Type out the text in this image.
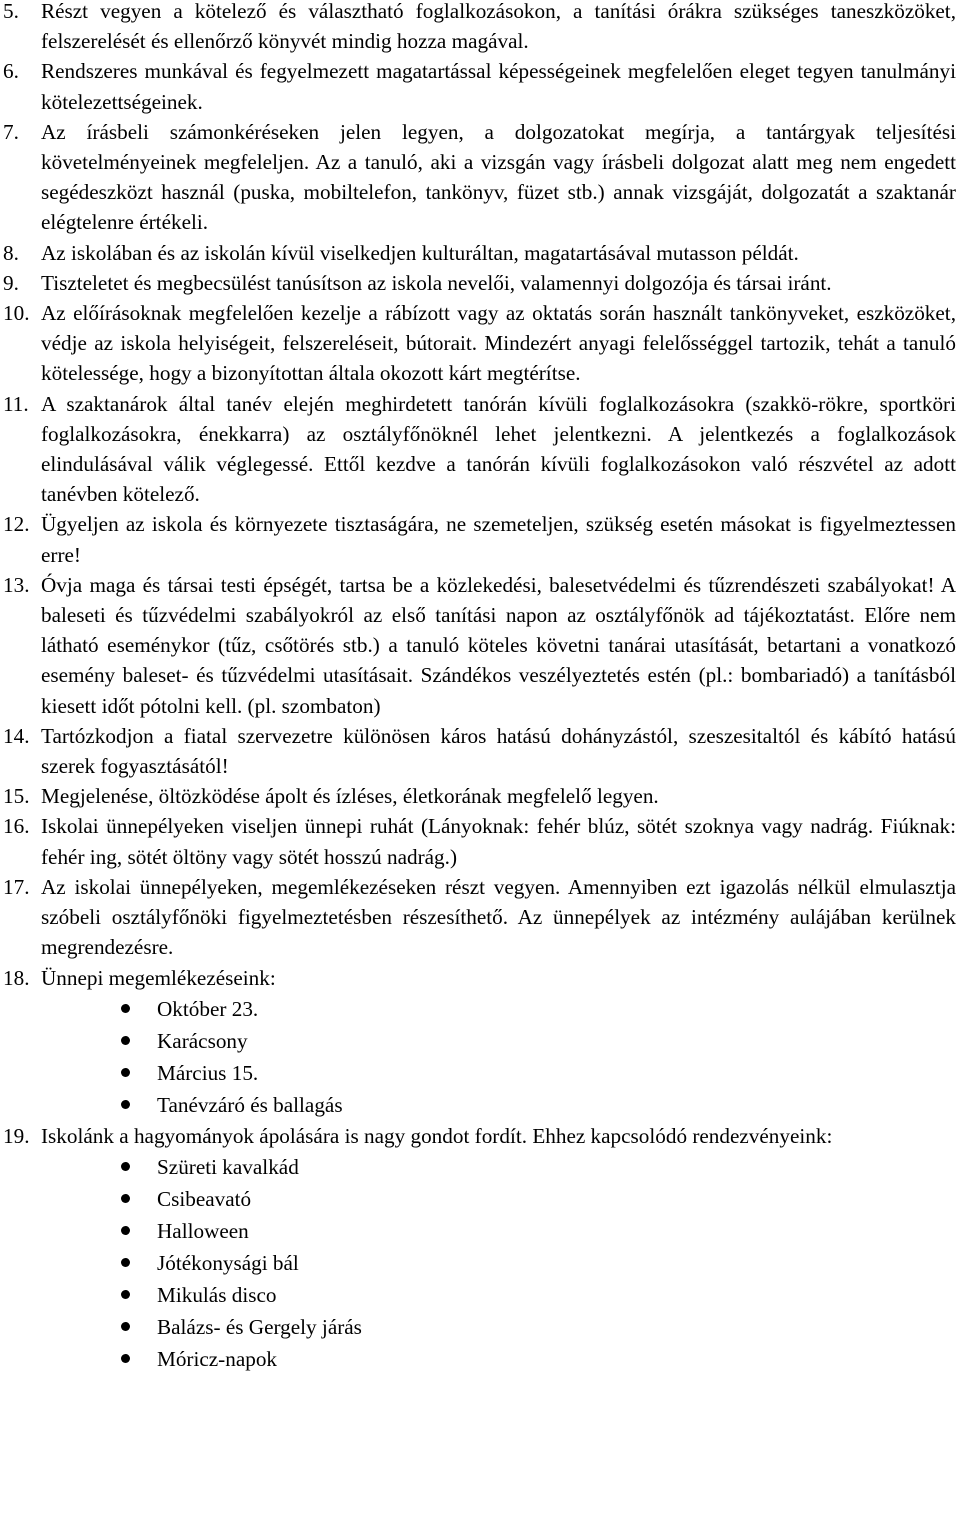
5. Részt vegyen a kötelező és választható foglalkozásokon, a tanítási órákra szükséges taneszközöket, felszerelését és ellenőrző könyvét mindig hozza magával.
6. Rendszeres munkával és fegyelmezett magatartással képességeinek megfelelően eleget tegyen tanulmányi kötelezettségeinek.
7. Az írásbeli számonkéréseken jelen legyen, a dolgozatokat megírja, a tantárgyak teljesítési követelményeinek megfeleljen. Az a tanuló, aki a vizsgán vagy írásbeli dolgozat alatt meg nem engedett segédeszközt használ (puska, mobiltelefon, tankönyv, füzet stb.) annak vizsgáját, dolgozatát a szaktanár elégtelenre értékeli.
8. Az iskolában és az iskolán kívül viselkedjen kulturáltan, magatartásával mutasson példát.
9. Tiszteletet és megbecsülést tanúsítson az iskola nevelői, valamennyi dolgozója és társai iránt.
10. Az előírásoknak megfelelően kezelje a rábízott vagy az oktatás során használt tankönyveket, eszközöket, védje az iskola helyiségeit, felszereléseit, bútorait. Mindezért anyagi felelősséggel tartozik, tehát a tanuló kötelessége, hogy a bizonyítottan általa okozott kárt megtérítse.
11. A szaktanárok által tanév elején meghirdetett tanórán kívüli foglalkozásokra (szakkö-rökre, sportköri foglalkozásokra, énekkarra) az osztályfőnöknél lehet jelentkezni. A jelentkezés a foglalkozások elindulásával válik véglegessé. Ettől kezdve a tanórán kívüli foglalkozásokon való részvétel az adott tanévben kötelező.
12. Ügyeljen az iskola és környezete tisztaságára, ne szemeteljen, szükség esetén másokat is figyelmeztessen erre!
13. Óvja maga és társai testi épségét, tartsa be a közlekedési, balesetvédelmi és tűzrendészeti szabályokat! A baleseti és tűzvédelmi szabályokról az első tanítási napon az osztályfőnök ad tájékoztatást. Előre nem látható eseménykor (tűz, csőtörés stb.) a tanuló köteles követni tanárai utasítását, betartani a vonatkozó esemény baleset- és tűzvédelmi utasításait. Szándékos veszélyeztetés estén (pl.: bombariadó) a tanításból kiesett időt pótolni kell. (pl. szombaton)
14. Tartózkodjon a fiatal szervezetre különösen káros hatású dohányzástól, szeszesitaltól és kábító hatású szerek fogyasztásától!
15. Megjelenése, öltözködése ápolt és ízléses, életkorának megfelelő legyen.
16. Iskolai ünnepélyeken viseljen ünnepi ruhát (Lányoknak: fehér blúz, sötét szoknya vagy nadrág. Fiúknak: fehér ing, sötét öltöny vagy sötét hosszú nadrág.)
17. Az iskolai ünnepélyeken, megemlékezéseken részt vegyen. Amennyiben ezt igazolás nélkül elmulasztja szóbeli osztályfőnöki figyelmeztetésben részesíthető. Az ünnepélyek az intézmény aulájában kerülnek megrendezésre.
18. Ünnepi megemlékezéseink:
Október 23.
Karácsony
Március 15.
Tanévzáró és ballagás
19. Iskolánk a hagyományok ápolására is nagy gondot fordít. Ehhez kapcsolódó rendezvényeink:
Szüreti kavalkád
Csibeavató
Halloween
Jótékonysági bál
Mikulás disco
Balázs- és Gergely járás
Móricz-napok
